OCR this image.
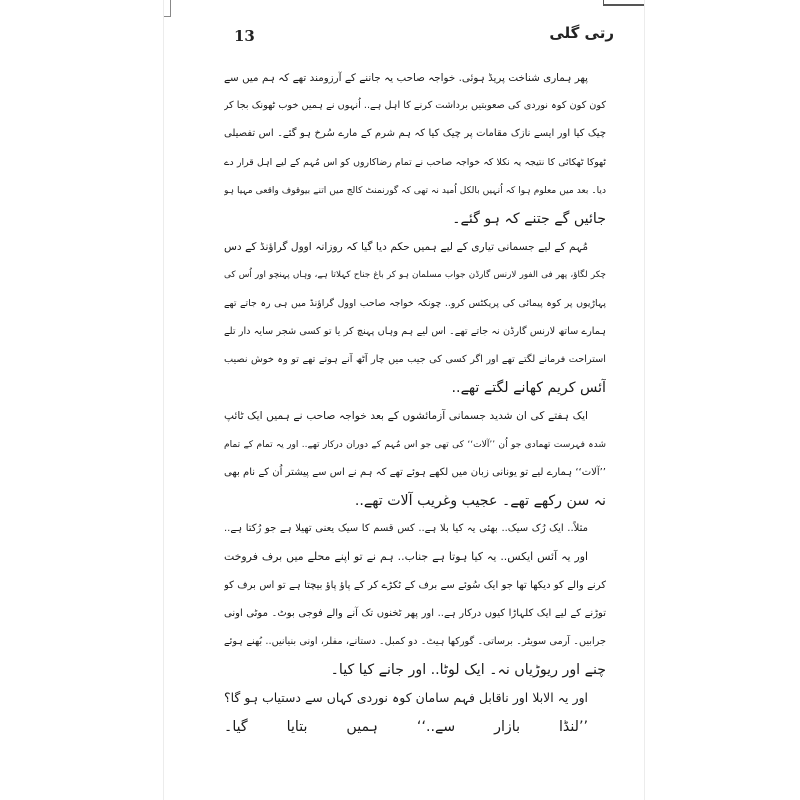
13	رتی گلی
پھر ہماری شناخت پریڈ ہوئی. خواجہ صاحب یہ جاننے کے آرزومند تھے کہ ہم میں سے
کون کون کوہ نوردی کی صعوبتیں برداشت کرنے کا اہل ہے.. اُنہوں نے ہمیں خوب ٹھونک بجا کر
چیک کیا اور ایسے نازک مقامات پر چیک کیا کہ ہم شرم کے مارے سُرخ ہو گئے۔ اس تفصیلی
ٹھوکا ٹھکائی کا نتیجہ یہ نکلا کہ خواجہ صاحب نے تمام رضاکاروں کو اس مُہم کے لیے اہل قرار دے
دیا۔ بعد میں معلوم ہوا کہ اُنہیں بالکل اُمید نہ تھی کہ گورنمنٹ کالج میں اتنے بیوقوف واقعی مہیا ہو
جائیں گے جتنے کہ ہو گئے۔
مُہم کے لیے جسمانی تیاری کے لیے ہمیں حکم دیا گیا کہ روزانہ اوول گراؤنڈ کے دس
چکر لگاؤ، پھر فی الفور لارنس گارڈن جواب مسلمان ہو کر باغ جناح کہلاتا ہے، وہاں پہنچو اور اُس کی
پہاڑیوں پر کوہ پیمائی کی پریکٹس کرو.. چونکہ خواجہ صاحب اوول گراؤنڈ میں ہی رہ جاتے تھے
ہمارے ساتھ لارنس گارڈن نہ جاتے تھے۔ اس لیے ہم وہاں پہنچ کر یا تو کسی شجر سایہ دار تلے
استراحت فرمانے لگتے تھے اور اگر کسی کی جیب میں چار آٹھ آنے ہوتے تھے تو وہ خوش نصیب
آئس کریم کھانے لگتے تھے..
ایک ہفتے کی ان شدید جسمانی آزمائشوں کے بعد خواجہ صاحب نے ہمیں ایک ٹائپ
شدہ فہرست تھمادی جو اُن ’’آلات‘‘ کی تھی جو اس مُہم کے دوران درکار تھے.. اور یہ تمام کے تمام
’’آلات‘‘ ہمارے لیے تو یونانی زبان میں لکھے ہوئے تھے کہ ہم نے اس سے پیشتر اُن کے نام بھی
نہ سن رکھے تھے۔ عجیب وغریب آلات تھے..
مثلاً.. ایک رُک سیک.. بھئی یہ کیا بلا ہے.. کس قسم کا سیک یعنی تھیلا ہے جو رُکتا ہے..
اور یہ آئس ایکس.. یہ کیا ہوتا ہے جناب.. ہم نے تو اپنے محلے میں برف فروخت
کرنے والے کو دیکھا تھا جو ایک سُوئے سے برف کے ٹکڑے کر کے پاؤ پاؤ بیچتا ہے تو اس برف کو
توڑنے کے لیے ایک کلہاڑا کیوں درکار ہے.. اور پھر ٹخنوں تک آنے والے فوجی بوٹ۔ موٹی اونی
جرابیں۔ آرمی سویٹر۔ برساتی۔ گورکھا ہیٹ۔ دو کمبل۔ دستانے، مفلر، اونی بنیانیں.. بُھنے ہوئے
چنے اور ریوڑیاں نہ۔ ایک لوٹا.. اور جانے کیا کیا۔
اور یہ الابلا اور ناقابل فہم سامان کوہ نوردی کہاں سے دستیاب ہو گا؟
’’لنڈا بازار سے..‘‘ ہمیں بتایا گیا۔
